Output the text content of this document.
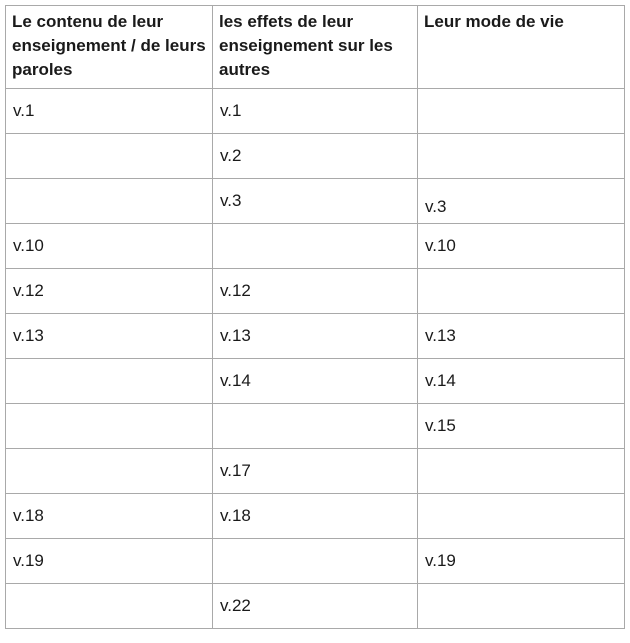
Le contenu de leur enseignement / de leurs paroles	les effets de leur enseignement sur les autres	Leur mode de vie
v.1	v.1	
	v.2	
	v.3	v.3
v.10		v.10
v.12	v.12	
v.13	v.13	v.13
	v.14	v.14
		v.15
	v.17	
v.18	v.18	
v.19		v.19
	v.22	
